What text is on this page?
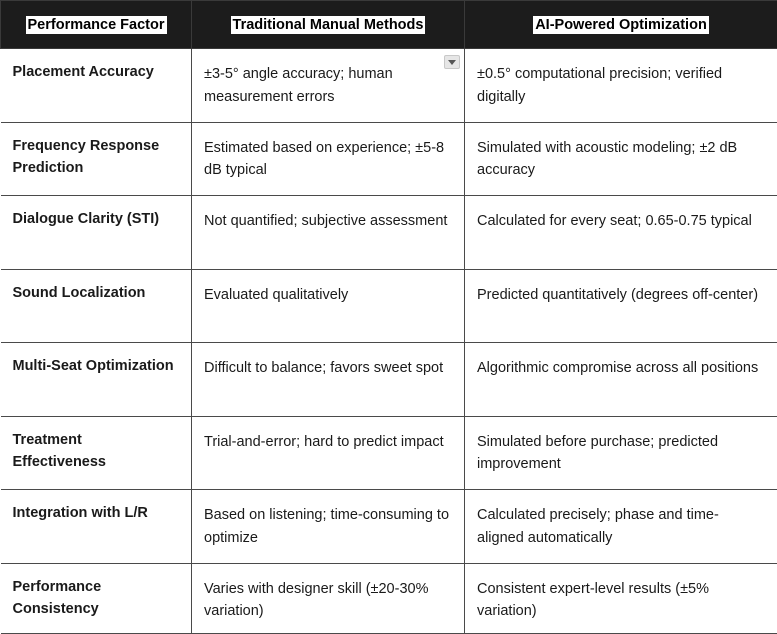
Performance Factor	Traditional Manual Methods	AI-Powered Optimization
Placement Accuracy	±3-5° angle accuracy; human measurement errors	±0.5° computational precision; verified digitally
Frequency Response Prediction	Estimated based on experience; ±5-8 dB typical	Simulated with acoustic modeling; ±2 dB accuracy
Dialogue Clarity (STI)	Not quantified; subjective assessment	Calculated for every seat; 0.65-0.75 typical
Sound Localization	Evaluated qualitatively	Predicted quantitatively (degrees off-center)
Multi-Seat Optimization	Difficult to balance; favors sweet spot	Algorithmic compromise across all positions
Treatment Effectiveness	Trial-and-error; hard to predict impact	Simulated before purchase; predicted improvement
Integration with L/R	Based on listening; time-consuming to optimize	Calculated precisely; phase and time-aligned automatically
Performance Consistency	Varies with designer skill (±20-30% variation)	Consistent expert-level results (±5% variation)
